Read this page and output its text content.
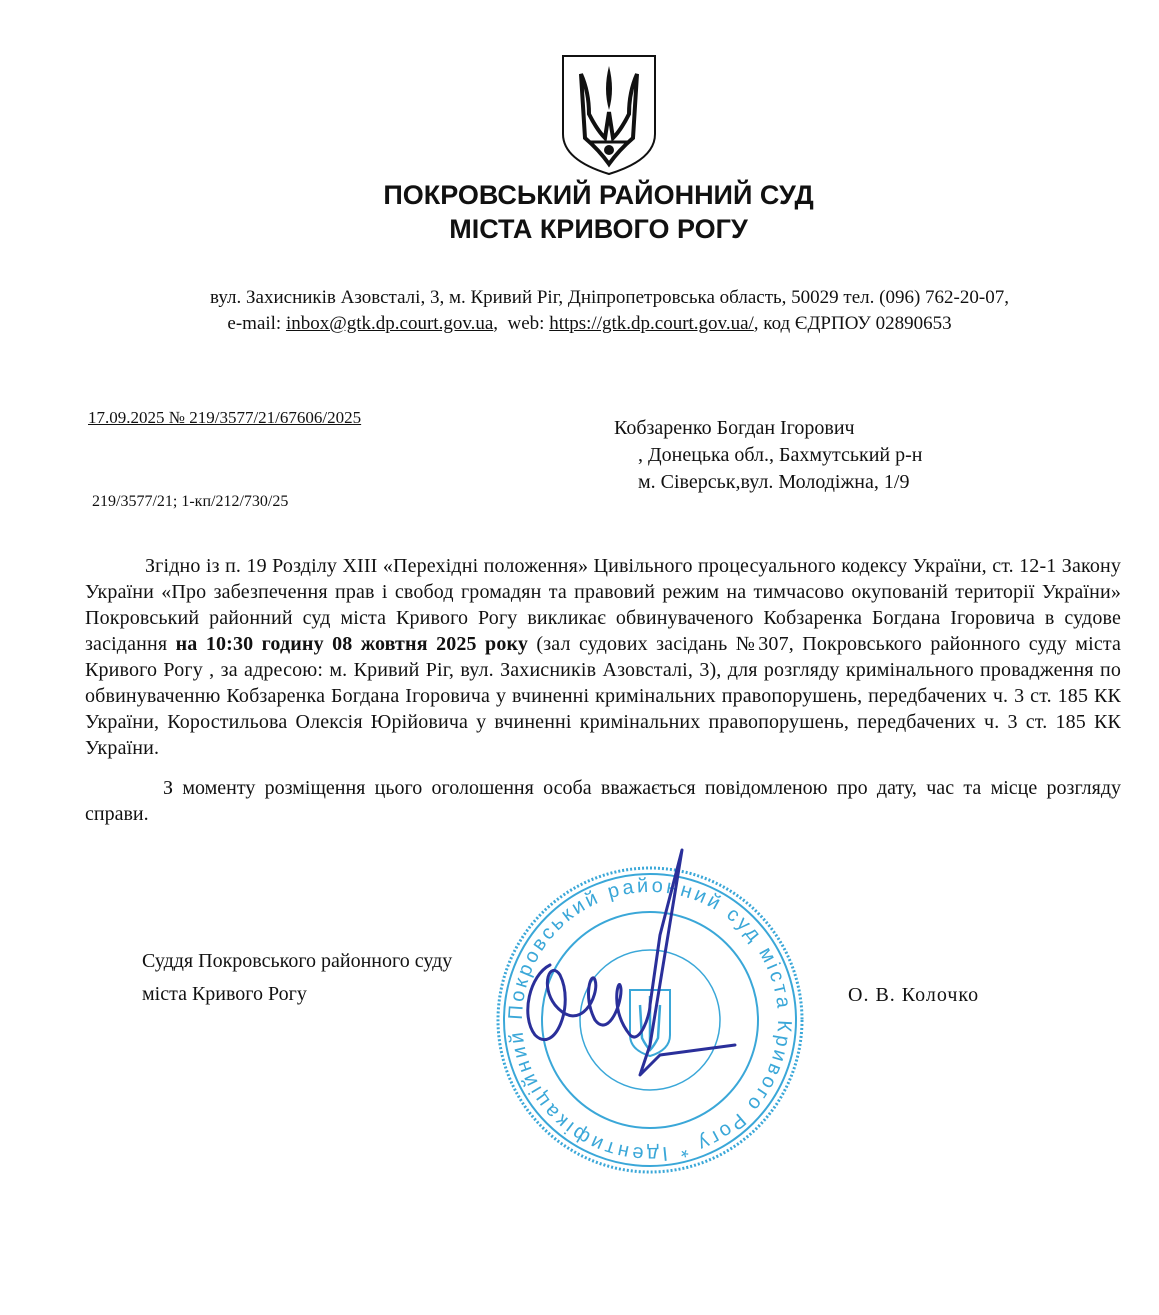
ПОКРОВСЬКИЙ РАЙОННИЙ СУД
МІСТА КРИВОГО РОГУ
вул. Захисників Азовсталі, 3, м. Кривий Ріг, Дніпропетровська область, 50029 тел. (096) 762-20-07,
e-mail: inbox@gtk.dp.court.gov.ua,  web: https://gtk.dp.court.gov.ua/, код ЄДРПОУ 02890653
17.09.2025 № 219/3577/21/67606/2025	Кобзаренко Богдан Ігорович
, Донецька обл., Бахмутський р-н
м. Сіверськ,вул. Молодіжна, 1/9
219/3577/21; 1-кп/212/730/25

Згідно із п. 19 Розділу XIII «Перехідні положення» Цивільного процесуального кодексу України, ст. 12-1 Закону України «Про забезпечення прав і свобод громадян та правовий режим на тимчасово окупованій території України» Покровський районний суд міста Кривого Рогу викликає обвинуваченого Кобзаренка Богдана Ігоровича в судове засідання на 10:30 годину 08 жовтня 2025 року (зал судових засідань №307, Покровського районного суду міста Кривого Рогу , за адресою: м. Кривий Ріг, вул. Захисників Азовсталі, 3), для розгляду кримінального провадження по обвинуваченню Кобзаренка Богдана Ігоровича у вчиненні кримінальних правопорушень, передбачених ч. 3 ст. 185 КК України, Коростильова Олексія Юрійовича у вчиненні кримінальних правопорушень, передбачених ч. 3 ст. 185 КК України.

З моменту розміщення цього оголошення особа вважається повідомленою про дату, час та місце розгляду справи.

Покровський районний суд міста Кривого Рогу * Ідентифікаційний
Суддя Покровського районного суду
міста Кривого Рогу	О. В. Колочко
